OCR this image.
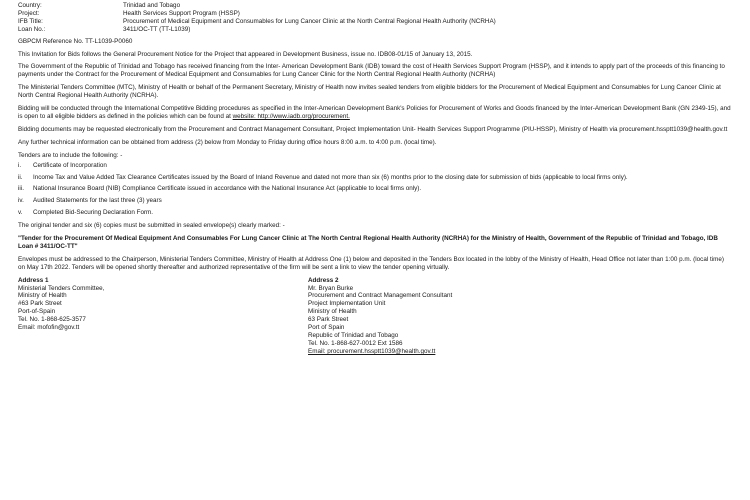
Country:	Trinidad and Tobago
Project:	Health Services Support Program (HSSP)
IFB Title:	Procurement of Medical Equipment and Consumables for Lung Cancer Clinic at the North Central Regional Health Authority (NCRHA)
Loan No.:	3411/OC-TT (TT-L1039)

GBPCM Reference No. TT-L1039-P0060

This Invitation for Bids follows the General Procurement Notice for the Project that appeared in Development Business, issue no. IDB08-01/15 of January 13, 2015.

The Government of the Republic of Trinidad and Tobago has received financing from the Inter- American Development Bank (IDB) toward the cost of Health Services Support Program (HSSP), and it intends to apply part of the proceeds of this financing to payments under the Contract for the Procurement of Medical Equipment and Consumables for Lung Cancer Clinic for the North Central Regional Health Authority (NCRHA)

The Ministerial Tenders Committee (MTC), Ministry of Health or behalf of the Permanent Secretary, Ministry of Health now invites sealed tenders from eligible bidders for the Procurement of Medical Equipment and Consumables for Lung Cancer Clinic at North Central Regional Health Authority (NCRHA).

Bidding will be conducted through the International Competitive Bidding procedures as specified in the Inter-American Development Bank's Policies for Procurement of Works and Goods financed by the Inter-American Development Bank (GN 2349-15), and is open to all eligible bidders as defined in the policies which can be found at website: http://www.iadb.org/procurement.

Bidding documents may be requested electronically from the Procurement and Contract Management Consultant, Project Implementation Unit- Health Services Support Programme (PIU-HSSP), Ministry of Health via procurement.hssptt1039@health.gov.tt

Any further technical information can be obtained from address (2) below from Monday to Friday during office hours 8:00 a.m. to 4:00 p.m. (local time).

Tenders are to include the following: -

i.	Certificate of Incorporation
ii.	Income Tax and Value Added Tax Clearance Certificates issued by the Board of Inland Revenue and dated not more than six (6) months prior to the closing date for submission of bids (applicable to local firms only).
iii.	National Insurance Board (NIB) Compliance Certificate issued in accordance with the National Insurance Act (applicable to local firms only).
iv.	Audited Statements for the last three (3) years
v.	Completed Bid-Securing Declaration Form.

The original tender and six (6) copies must be submitted in sealed envelope(s) clearly marked: -

"Tender for the Procurement Of Medical Equipment And Consumables For Lung Cancer Clinic at The North Central Regional Health Authority (NCRHA) for the Ministry of Health, Government of the Republic of Trinidad and Tobago, IDB Loan # 3411/OC-TT"

Envelopes must be addressed to the Chairperson, Ministerial Tenders Committee, Ministry of Health at Address One (1) below and deposited in the Tenders Box located in the lobby of the Ministry of Health, Head Office not later than 1:00 p.m. (local time) on May 17th 2022. Tenders will be opened shortly thereafter and authorized representative of the firm will be sent a link to view the tender opening virtually.

Address 1
Ministerial Tenders Committee,
Ministry of Health
#63 Park Street
Port-of-Spain
Tel. No. 1-868-625-3577
Email: mofofin@gov.tt
Address 2
Mr. Bryan Burke
Procurement and Contract Management Consultant
Project Implementation Unit
Ministry of Health
63 Park Street
Port of Spain
Republic of Trinidad and Tobago
Tel. No. 1-868-627-0012 Ext 1586
Email: procurement.hssptt1039@health.gov.tt
